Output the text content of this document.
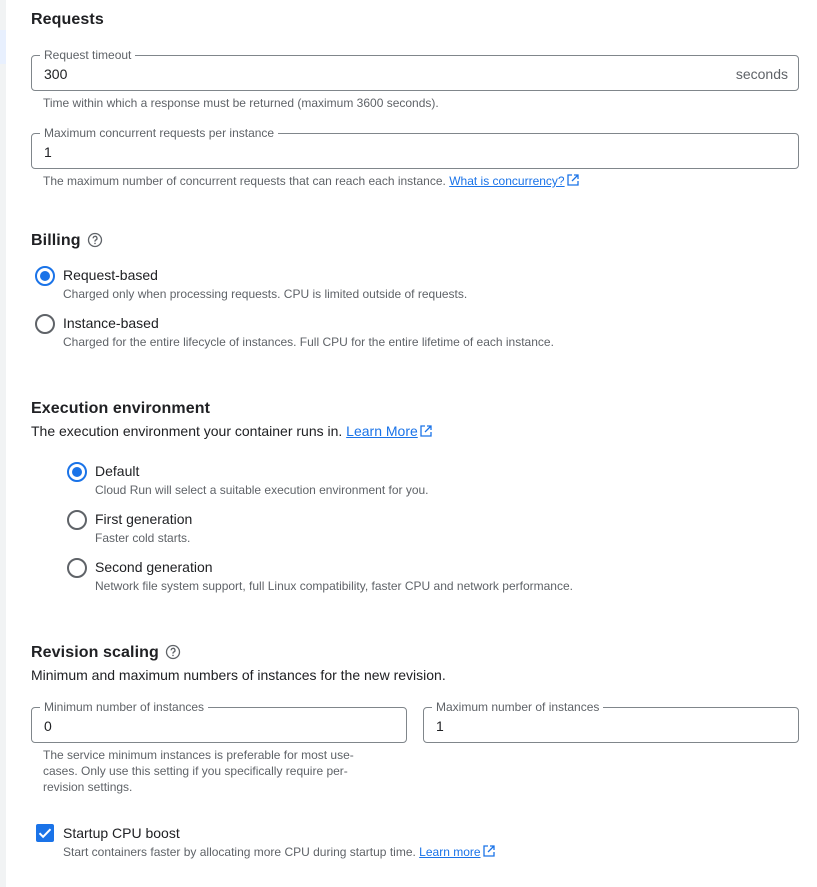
Requests
Request timeout
300	seconds
Time within which a response must be returned (maximum 3600 seconds).
Maximum concurrent requests per instance
1
The maximum number of concurrent requests that can reach each instance. What is concurrency?
Billing
Request-based
Charged only when processing requests. CPU is limited outside of requests.
Instance-based
Charged for the entire lifecycle of instances. Full CPU for the entire lifetime of each instance.
Execution environment
The execution environment your container runs in. Learn More
Default
Cloud Run will select a suitable execution environment for you.
First generation
Faster cold starts.
Second generation
Network file system support, full Linux compatibility, faster CPU and network performance.
Revision scaling
Minimum and maximum numbers of instances for the new revision.
Minimum number of instances
0
Maximum number of instances
1
The service minimum instances is preferable for most use-
cases. Only use this setting if you specifically require per-
revision settings.
Startup CPU boost
Start containers faster by allocating more CPU during startup time. Learn more
